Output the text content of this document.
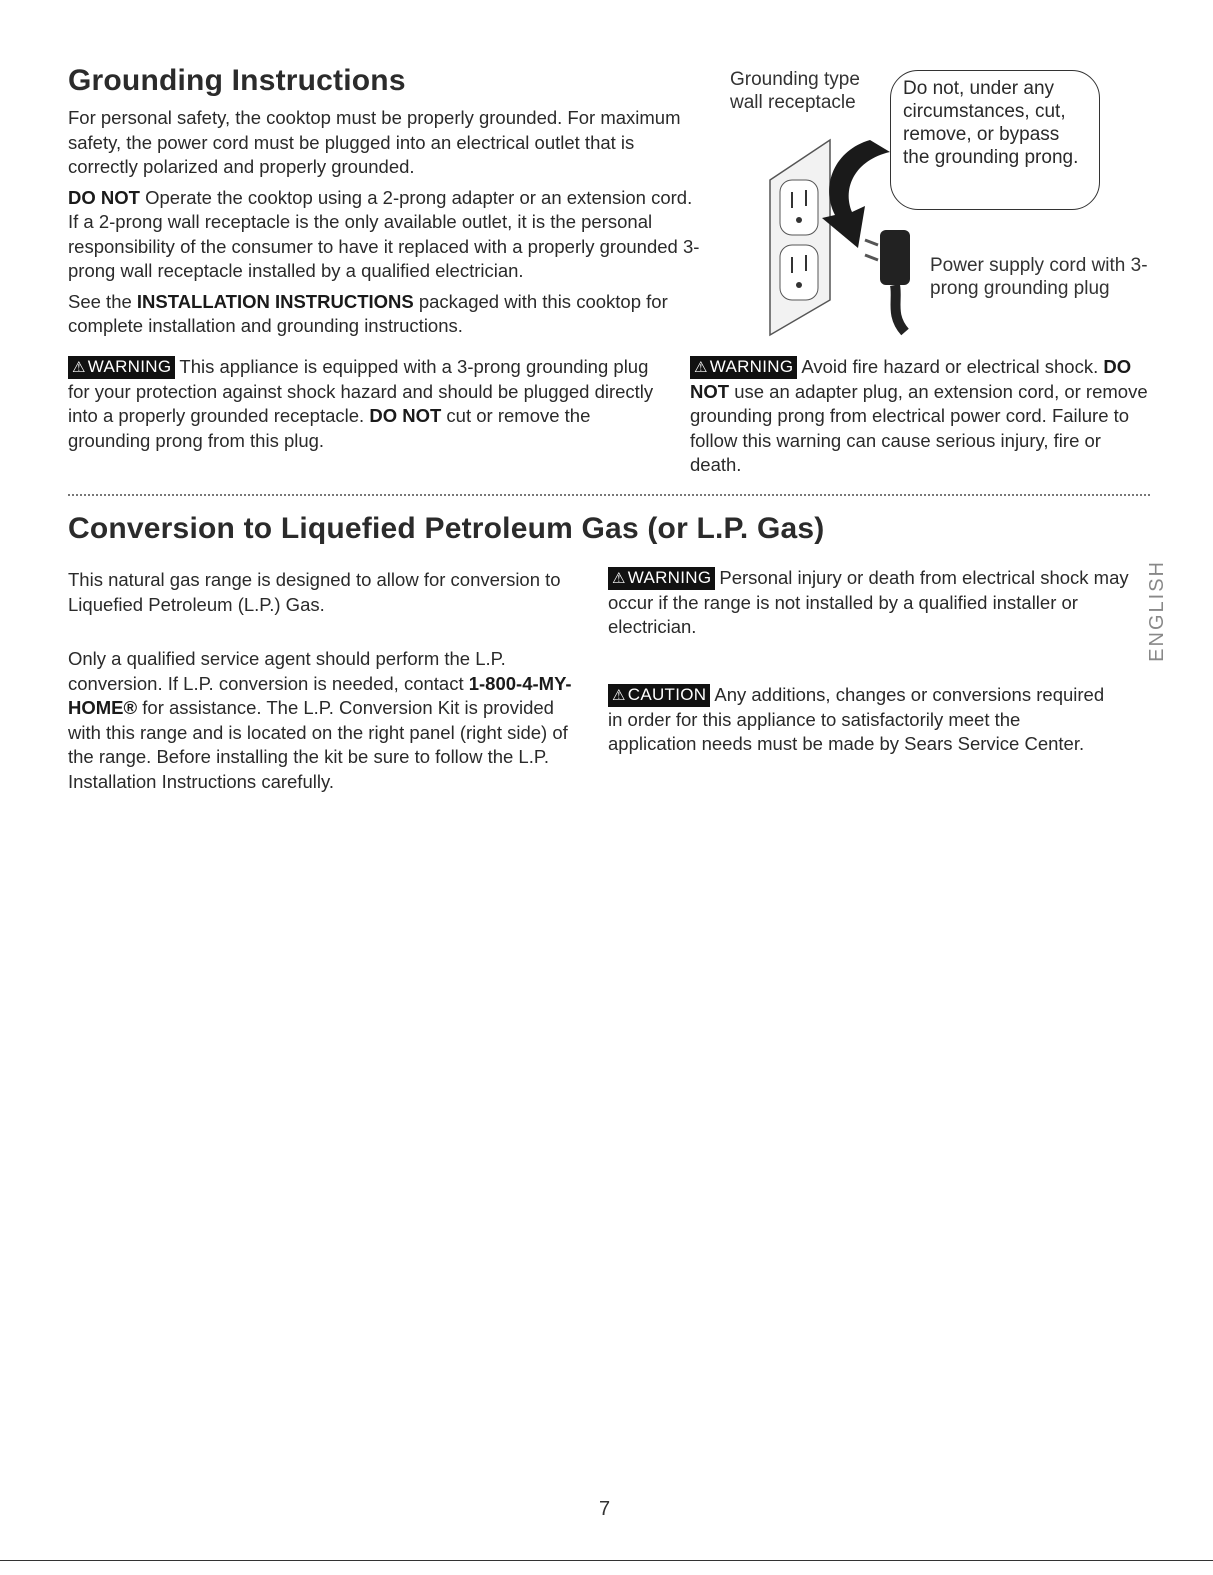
Grounding Instructions

For personal safety, the cooktop must be properly grounded. For maximum safety, the power cord must be plugged into an electrical outlet that is correctly polarized and properly grounded.

DO NOT Operate the cooktop using a 2-prong adapter or an extension cord. If a 2-prong wall receptacle is the only available outlet, it is the personal responsibility of the consumer to have it replaced with a properly grounded 3-prong wall receptacle installed by a qualified electrician.

See the INSTALLATION INSTRUCTIONS packaged with this cooktop for complete installation and grounding instructions.

Grounding type wall receptacle
Do not, under any circumstances, cut, remove, or bypass the grounding prong.
Power supply cord with 3-prong grounding plug

⚠ WARNING This appliance is equipped with a 3-prong grounding plug for your protection against shock hazard and should be plugged directly into a properly grounded receptacle. DO NOT cut or remove the grounding prong from this plug.

⚠ WARNING Avoid fire hazard or electrical shock. DO NOT use an adapter plug, an extension cord, or remove grounding prong from electrical power cord. Failure to follow this warning can cause serious injury, fire or death.

Conversion to Liquefied Petroleum Gas (or L.P. Gas)

This natural gas range is designed to allow for conversion to Liquefied Petroleum (L.P.) Gas.

Only a qualified service agent should perform the L.P. conversion. If L.P. conversion is needed, contact 1-800-4-MY-HOME® for assistance. The L.P. Conversion Kit is provided with this range and is located on the right panel (right side) of the range. Before installing the kit be sure to follow the L.P. Installation Instructions carefully.

⚠ WARNING Personal injury or death from electrical shock may occur if the range is not installed by a qualified installer or electrician.

⚠ CAUTION Any additions, changes or conversions required in order for this appliance to satisfactorily meet the application needs must be made by Sears Service Center.

ENGLISH
7
